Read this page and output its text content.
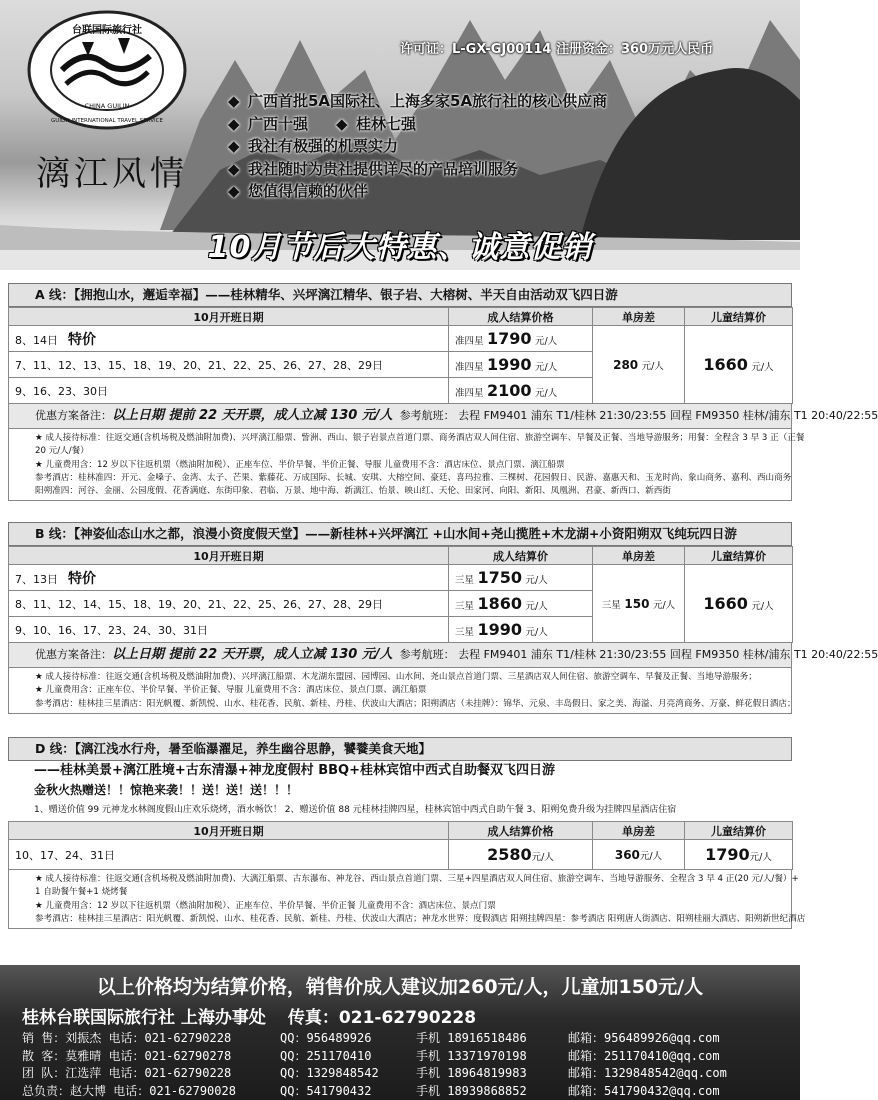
台联国际旅行社
CHINA GUILIN
GUILIN INTERNATIONAL TRAVEL SERVICE
漓江风情
许可证：L-GX-GJ00114 注册资金：360万元人民币
◆ 广西首批5A国际社、上海多家5A旅行社的核心供应商
◆ 广西十强 ◆ 桂林七强
◆ 我社有极强的机票实力
◆ 我社随时为贵社提供详尽的产品培训服务
◆ 您值得信赖的伙伴
10月节后大特惠、诚意促销
A 线：【拥抱山水，邂逅幸福】——桂林精华、兴坪漓江精华、银子岩、大榕树、半天自由活动双飞四日游
10月开班日期	成人结算价格	单房差	儿童结算价
8、14日 特价	准四星 1790 元/人	280 元/人	1660 元/人
7、11、12、13、15、18、19、20、21、22、25、26、27、28、29日	准四星 1990 元/人		
9、16、23、30日	准四星 2100 元/人		
优惠方案备注：以上日期 提前 22 天开票，成人立减 130 元/人 参考航班： 去程 FM9401 浦东 T1/桂林 21:30/23:55 回程 FM9350 桂林/浦东 T1 20:40/22:55
★ 成人接待标准：往返交通(含机场税及燃油附加费)、兴坪漓江船票、訾洲、西山、银子岩景点首道门票、商务酒店双人间住宿、旅游空调车、早餐及正餐、当地导游服务；用餐：全程含 3 早 3 正（正餐
20 元/人/餐）
★ 儿童费用含：12 岁以下往返机票（燃油附加税）、正座车位、半价早餐、半价正餐、导服 儿童费用不含：酒店床位、景点门票、漓江船票
参考酒店：桂林准四：开元、金嗓子、金湾、太子、芒果、紫藤花、万成国际、长城、安琪、大榕空间、豪廷、喜玛拉雅、三棵树、花园假日、民游、嘉惠天和、玉龙时尚、象山商务、嘉利、西山商务
阳朔准四：河谷、金丽、公园度假、花香满庭、东街印象、君临、万景、地中海、新漓江、怡景、映山红、天伦、田家河、向阳、新阳、凤凰洲、君豪、新西口、新西街
B 线：【神姿仙态山水之都，浪漫小资度假天堂】——新桂林+兴坪漓江 +山水间+尧山揽胜+木龙湖+小资阳朔双飞纯玩四日游
10月开班日期	成人结算价	单房差	儿童结算价
7、13日 特价	三星 1750 元/人	三星 150 元/人	1660 元/人
8、11、12、14、15、18、19、20、21、22、25、26、27、28、29日	三星 1860 元/人		
9、10、16、17、23、24、30、31日	三星 1990 元/人		
优惠方案备注：以上日期 提前 22 天开票，成人立减 130 元/人 参考航班： 去程 FM9401 浦东 T1/桂林 21:30/23:55 回程 FM9350 桂林/浦东 T1 20:40/22:55
★ 成人接待标准：往返交通(含机场税及燃油附加费)、兴坪漓江船票、木龙湖东盟园、园博园、山水间、尧山景点首道门票、三星酒店双人间住宿、旅游空调车、早餐及正餐、当地导游服务；
★ 儿童费用含：正座车位、半价早餐、半价正餐、导服 儿童费用不含：酒店床位、景点门票、漓江船票
参考酒店：桂林挂三星酒店：阳光帆覆、新凯悦、山水、桂花香、民航、新桂、丹桂、伏波山大酒店；阳朔酒店（未挂牌）：锦华、元泉、丰岛假日、家之美、海溢、月亮湾商务、万豪、鲜花假日酒店；
D 线：【漓江浅水行舟，暑至临瀑濯足，养生幽谷思静，饕餮美食天地】
——桂林美景+漓江胜境+古东清瀑+神龙度假村 BBQ+桂林宾馆中西式自助餐双飞四日游
金秋火热赠送！！惊艳来袭！！送！送！送！！！
1、赠送价值 99 元神龙水林阁度假山庄欢乐烧烤，酒水畅饮！ 2、赠送价值 88 元桂林挂牌四星，桂林宾馆中西式自助午餐 3、阳朔免费升级为挂牌四星酒店住宿
10月开班日期	成人结算价格	单房差	儿童结算价
10、17、24、31日	2580元/人	360元/人	1790元/人
★ 成人接待标准：往返交通(含机场税及燃油附加费)、大漓江船票、古东瀑布、神龙谷、西山景点首道门票、三星+四星酒店双人间住宿、旅游空调车、当地导游服务、全程含 3 早 4 正(20 元/人/餐）+
1 自助餐午餐+1 烧烤餐
★ 儿童费用含：12 岁以下往返机票（燃油附加税）、正座车位、半价早餐、半价正餐 儿童费用不含：酒店床位、景点门票
参考酒店：桂林挂三星酒店：阳光帆覆、新凯悦、山水、桂花香、民航、新桂、丹桂、伏波山大酒店；神龙水世界：度假酒店 阳朔挂牌四星：参考酒店 阳朔唐人街酒店、阳朔桂丽大酒店、阳朔新世纪酒店
以上价格均为结算价格，销售价成人建议加260元/人，儿童加150元/人
桂林台联国际旅行社 上海办事处 传真：021-62790228
销 售：刘振杰 电话：021-62790228	QQ：956489926	手机 18916518486	邮箱：956489926@qq.com
散 客：莫雅晴 电话：021-62790278	QQ：251170410	手机 13371970198	邮箱：251170410@qq.com
团 队：江选萍 电话：021-62790228	QQ：1329848542	手机 18964819983	邮箱：1329848542@qq.com
总负责：赵大博 电话：021-62790028	QQ：541790432	手机 18939868852	邮箱：541790432@qq.com
